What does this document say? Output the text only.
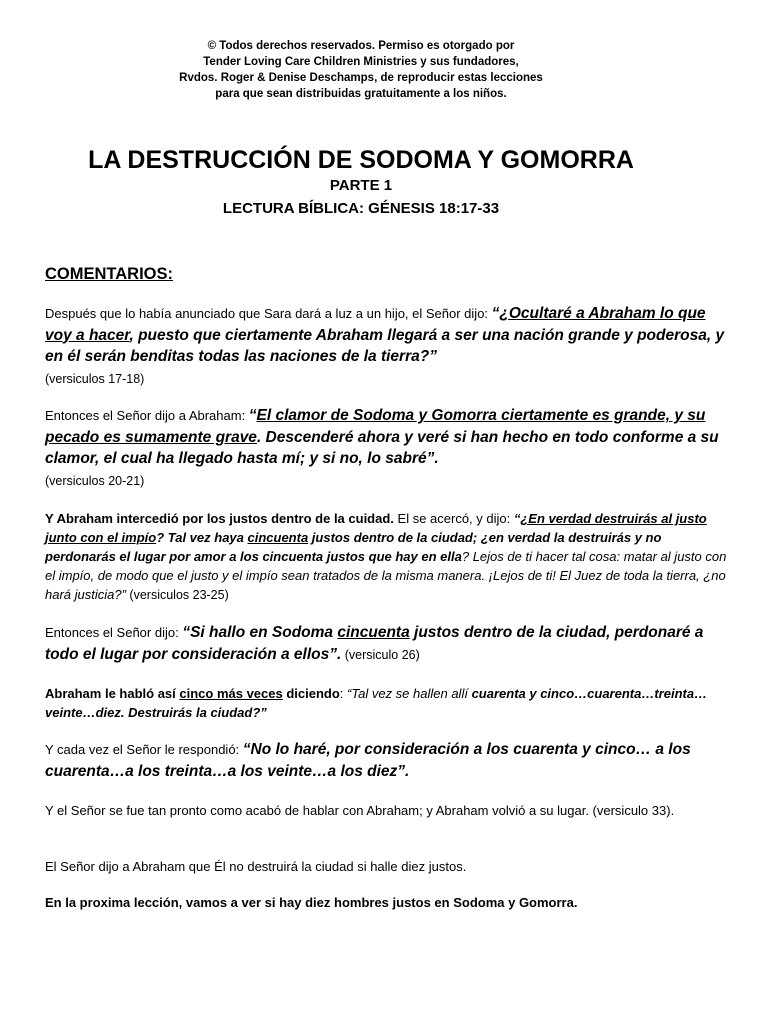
© Todos derechos reservados. Permiso es otorgado por
Tender Loving Care Children Ministries y sus fundadores,
Rvdos. Roger & Denise Deschamps, de reproducir estas lecciones
para que sean distribuidas gratuitamente a los niños.
LA DESTRUCCIÓN DE SODOMA Y GOMORRA
PARTE 1
LECTURA BÍBLICA: GÉNESIS 18:17-33
COMENTARIOS:
Después que lo había anunciado que Sara dará a luz a un hijo, el Señor dijo: “¿Ocultaré a Abraham lo que voy a hacer, puesto que ciertamente Abraham llegará a ser una nación grande y poderosa, y en él serán benditas todas las naciones de la tierra?”
(versiculos 17-18)
Entonces el Señor dijo a Abraham: “El clamor de Sodoma y Gomorra ciertamente es grande, y su pecado es sumamente grave. Descenderé ahora y veré si han hecho en todo conforme a su clamor, el cual ha llegado hasta mí; y si no, lo sabré”.
(versiculos 20-21)
Y Abraham intercedió por los justos dentro de la cuidad. El se acercó, y dijo: “¿En verdad destruirás al justo junto con el impío? Tal vez haya cincuenta justos dentro de la ciudad; ¿en verdad la destruirás y no perdonarás el lugar por amor a los cincuenta justos que hay en ella? Lejos de ti hacer tal cosa: matar al justo con el impío, de modo que el justo y el impío sean tratados de la misma manera. ¡Lejos de ti! El Juez de toda la tierra, ¿no hará justicia?” (versiculos 23-25)
Entonces el Señor dijo: “Si hallo en Sodoma cincuenta justos dentro de la ciudad, perdonaré a todo el lugar por consideración a ellos”. (versiculo 26)
Abraham le habló así cinco más veces diciendo: “Tal vez se hallen allí cuarenta y cinco…cuarenta…treinta…veinte…diez. Destruirás la ciudad?”
Y cada vez el Señor le respondió: “No lo haré, por consideración a los cuarenta y cinco… a los cuarenta…a los treinta…a los veinte…a los diez”.
Y el Señor se fue tan pronto como acabó de hablar con Abraham; y Abraham volvió a su lugar. (versiculo 33).
El Señor dijo a Abraham que Él no destruirá la ciudad si halle diez justos.
En la proxima lección, vamos a ver si hay diez hombres justos en Sodoma y Gomorra.
